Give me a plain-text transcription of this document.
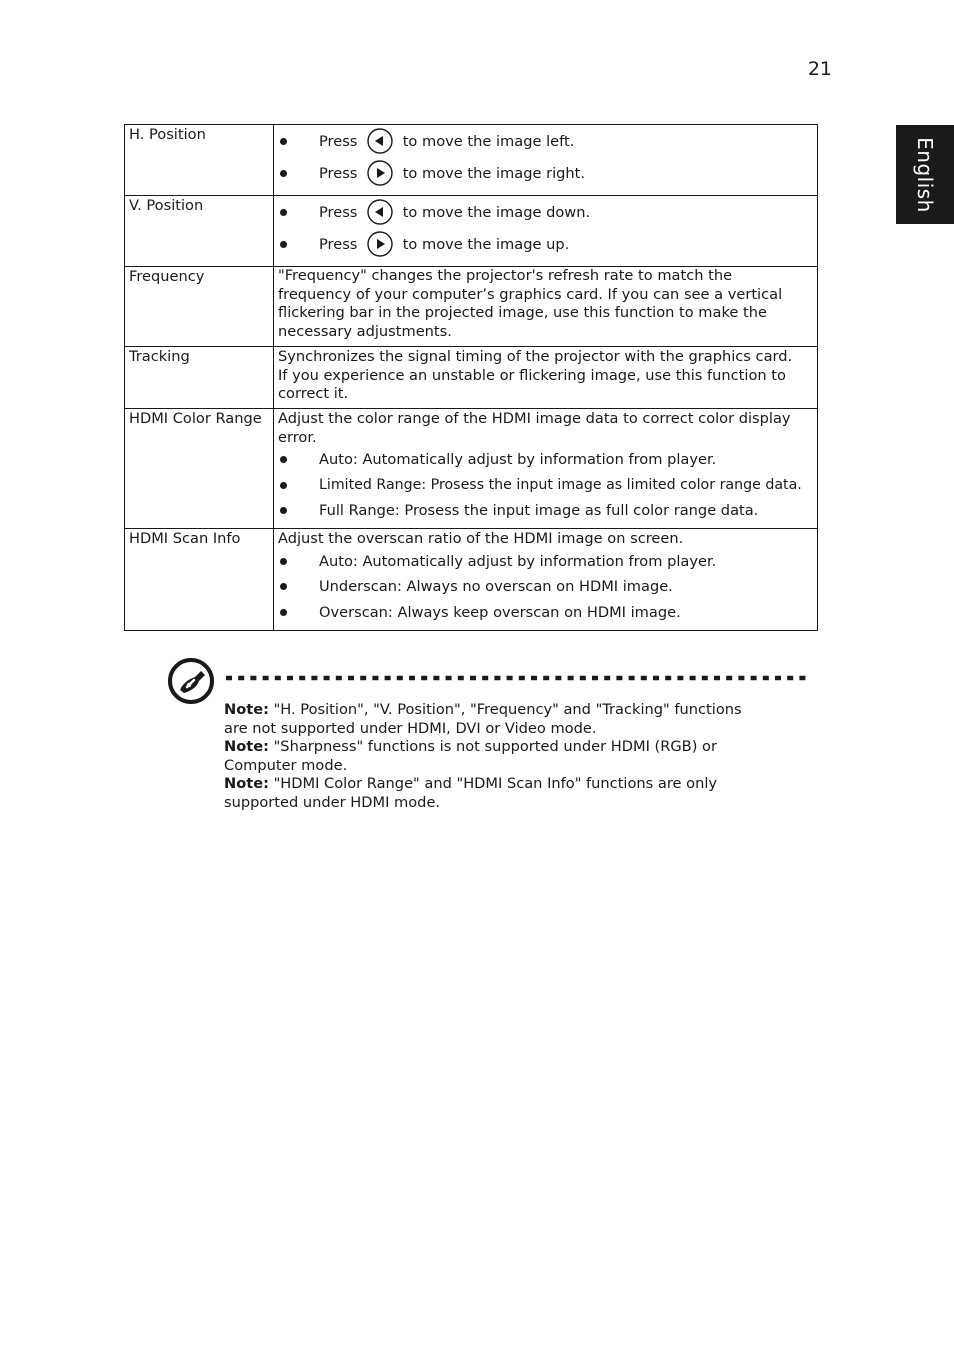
21
English
H. Position	Press to move the image left.
Press to move the image right.

V. Position	Press to move the image down.
Press to move the image up.

Frequency	"Frequency" changes the projector's refresh rate to match the
frequency of your computer’s graphics card. If you can see a vertical
flickering bar in the projected image, use this function to make the
necessary adjustments.

Tracking	Synchronizes the signal timing of the projector with the graphics card.
If you experience an unstable or flickering image, use this function to
correct it.

HDMI Color Range	Adjust the color range of the HDMI image data to correct color display
error.
Auto: Automatically adjust by information from player.
Limited Range: Prosess the input image as limited color range data.
Full Range: Prosess the input image as full color range data.

HDMI Scan Info	Adjust the overscan ratio of the HDMI image on screen.
Auto: Automatically adjust by information from player.
Underscan: Always no overscan on HDMI image.
Overscan: Always keep overscan on HDMI image.

Note: "H. Position", "V. Position", "Frequency" and "Tracking" functions
are not supported under HDMI, DVI or Video mode.

Note: "Sharpness" functions is not supported under HDMI (RGB) or
Computer mode.

Note: "HDMI Color Range" and "HDMI Scan Info" functions are only
supported under HDMI mode.
